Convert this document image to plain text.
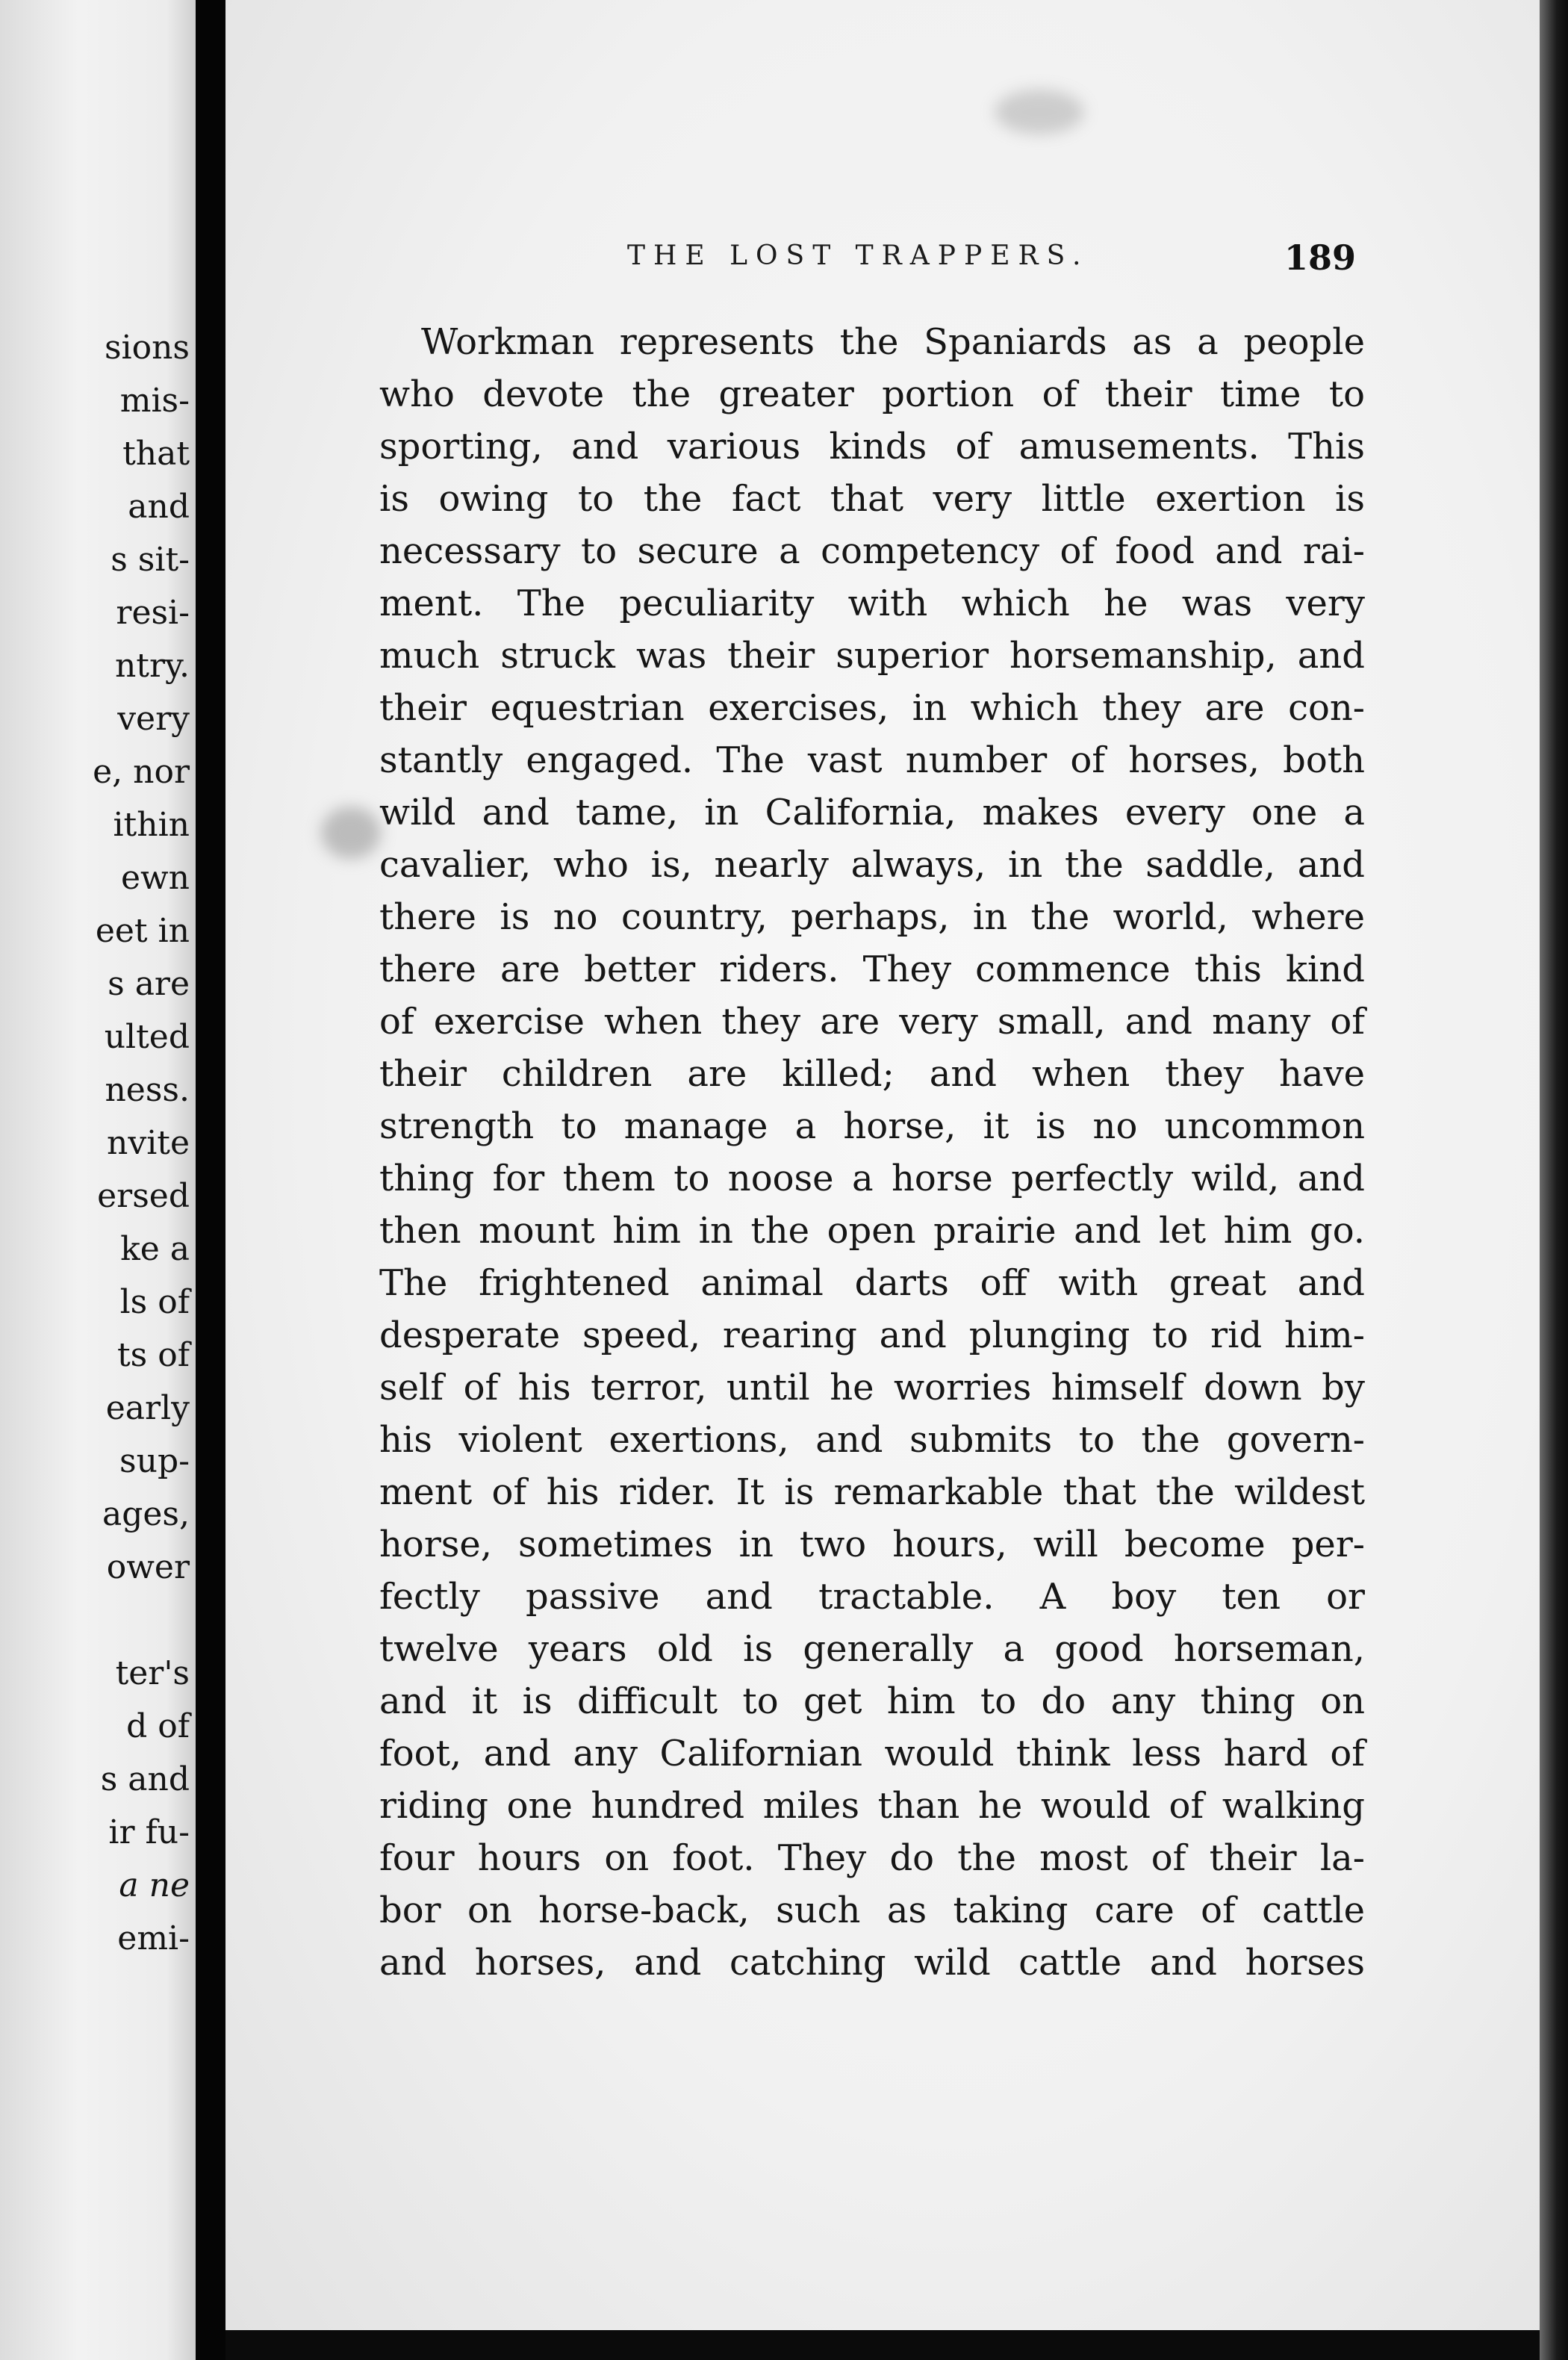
sions

mis-

that

and

s sit-

resi-

ntry.

very

e, nor

ithin

ewn

eet in

s are

ulted

ness.

nvite

ersed

ke a

ls of

ts of

early

sup-

ages,

ower

ter's

d of

s and

ir fu-

a ne

emi-

THE LOST TRAPPERS.	189

Workman represents the Spaniards as a people

who devote the greater portion of their time to

sporting, and various kinds of amusements. This

is owing to the fact that very little exertion is

necessary to secure a competency of food and rai-

ment. The peculiarity with which he was very

much struck was their superior horsemanship, and

their equestrian exercises, in which they are con-

stantly engaged. The vast number of horses, both

wild and tame, in California, makes every one a

cavalier, who is, nearly always, in the saddle, and

there is no country, perhaps, in the world, where

there are better riders. They commence this kind

of exercise when they are very small, and many of

their children are killed; and when they have

strength to manage a horse, it is no uncommon

thing for them to noose a horse perfectly wild, and

then mount him in the open prairie and let him go.

The frightened animal darts off with great and

desperate speed, rearing and plunging to rid him-

self of his terror, until he worries himself down by

his violent exertions, and submits to the govern-

ment of his rider. It is remarkable that the wildest

horse, sometimes in two hours, will become per-

fectly passive and tractable. A boy ten or

twelve years old is generally a good horseman,

and it is difficult to get him to do any thing on

foot, and any Californian would think less hard of

riding one hundred miles than he would of walking

four hours on foot. They do the most of their la-

bor on horse-back, such as taking care of cattle

and horses, and catching wild cattle and horses
